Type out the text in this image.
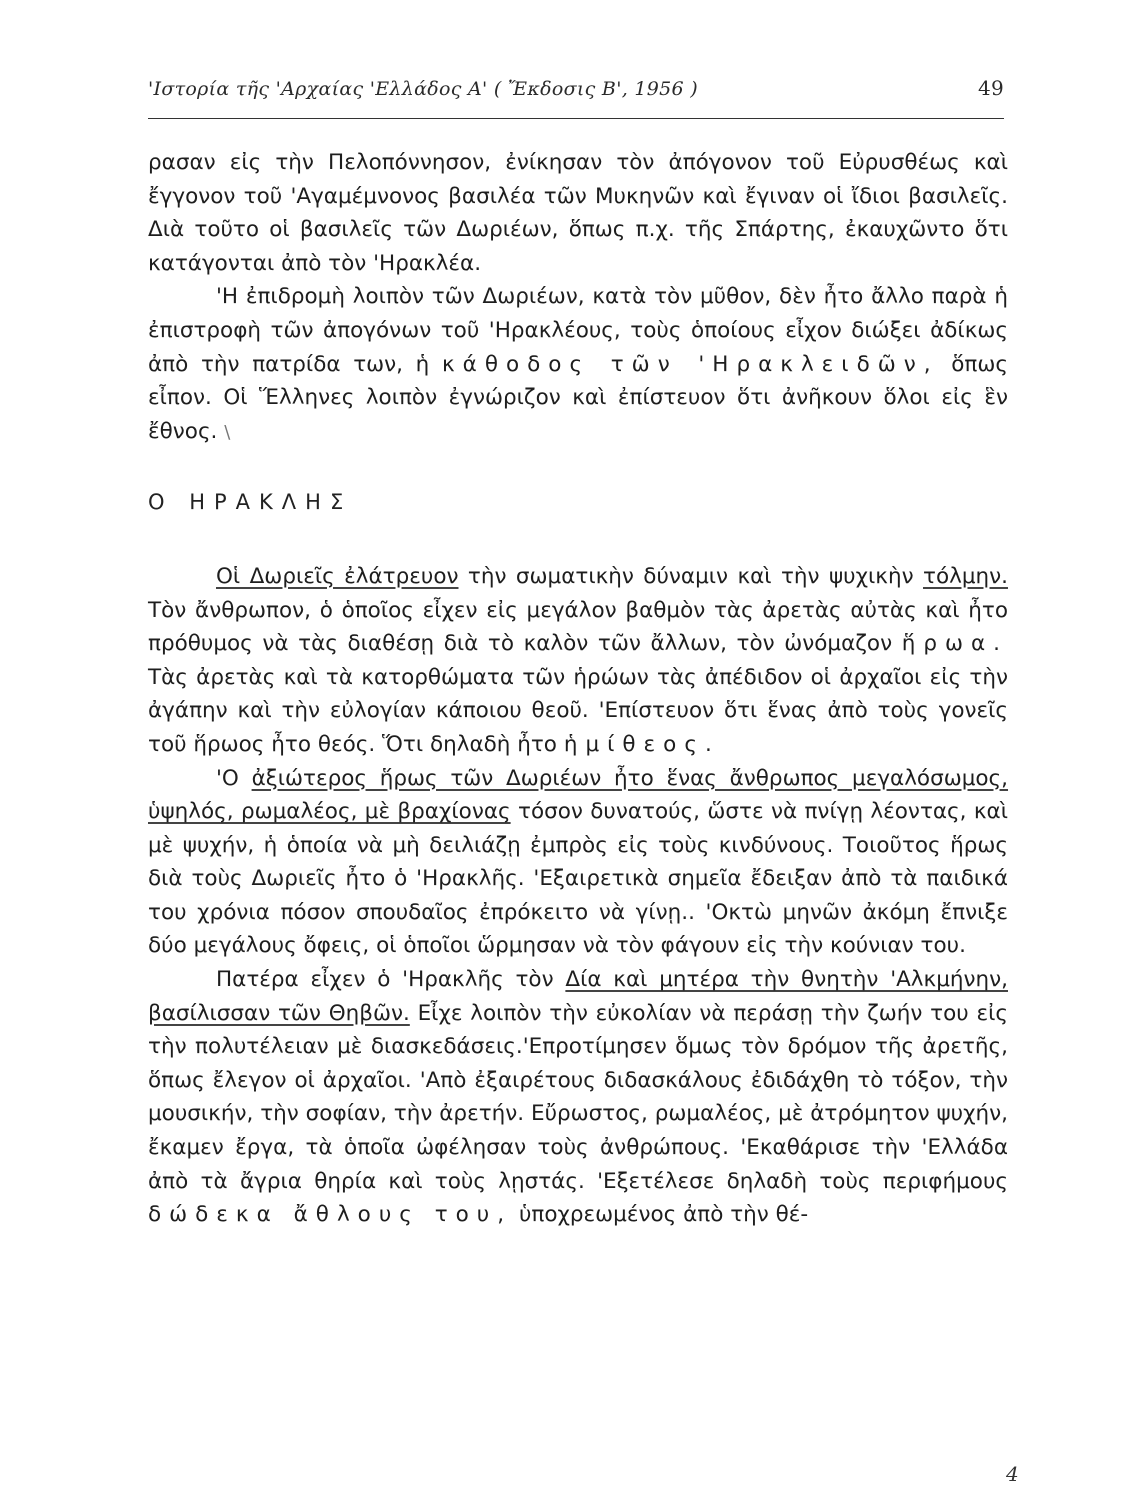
'Ιστορία τῆς 'Αρχαίας 'Ελλάδος Α' ( Ἔκδοσις Β', 1956 )	49

ρασαν εἰς τὴν Πελοπόννησον, ἐνίκησαν τὸν ἀπόγονον τοῦ Εὐρυσθέως καὶ ἔγγονον τοῦ 'Αγαμέμνονος βασιλέα τῶν Μυκηνῶν καὶ ἔγιναν οἱ ἴδιοι βασιλεῖς. Διὰ τοῦτο οἱ βασιλεῖς τῶν Δωριέων, ὅπως π.χ. τῆς Σπάρτης, ἐκαυχῶντο ὅτι κατάγονται ἀπὸ τὸν 'Ηρακλέα.

'Η ἐπιδρομὴ λοιπὸν τῶν Δωριέων, κατὰ τὸν μῦθον, δὲν ἦτο ἄλλο παρὰ ἡ ἐπιστροφὴ τῶν ἀπογόνων τοῦ 'Ηρακλέους, τοὺς ὁποίους εἶχον διώξει ἀδίκως ἀπὸ τὴν πατρίδα των, ἡ κάθοδος τῶν 'Ηρακλειδῶν, ὅπως εἶπον. Οἱ Ἕλληνες λοιπὸν ἐγνώριζον καὶ ἐπίστευον ὅτι ἀνῆκουν ὅλοι εἰς ἓν ἔθνος. \

Ο ΗΡΑΚΛΗΣ

Οἱ Δωριεῖς ἐλάτρευον τὴν σωματικὴν δύναμιν καὶ τὴν ψυχικὴν τόλμην. Τὸν ἄνθρωπον, ὁ ὁποῖος εἶχεν εἰς μεγάλον βαθμὸν τὰς ἀρετὰς αὐτὰς καὶ ἦτο πρόθυμος νὰ τὰς διαθέσῃ διὰ τὸ καλὸν τῶν ἄλλων, τὸν ὠνόμαζον ἥρωα. Τὰς ἀρετὰς καὶ τὰ κατορθώματα τῶν ἡρώων τὰς ἀπέδιδον οἱ ἀρχαῖοι εἰς τὴν ἀγάπην καὶ τὴν εὐλογίαν κάποιου θεοῦ. 'Επίστευον ὅτι ἕνας ἀπὸ τοὺς γονεῖς τοῦ ἥρωος ἦτο θεός. Ὅτι δηλαδὴ ἦτο ἡμίθεος.

'Ο ἀξιώτερος ἥρως τῶν Δωριέων ἦτο ἕνας ἄνθρωπος μεγαλόσωμος, ὑψηλός, ρωμαλέος, μὲ βραχίονας τόσον δυνατούς, ὥστε νὰ πνίγῃ λέοντας, καὶ μὲ ψυχήν, ἡ ὁποία νὰ μὴ δειλιάζῃ ἐμπρὸς εἰς τοὺς κινδύνους. Τοιοῦτος ἥρως διὰ τοὺς Δωριεῖς ἦτο ὁ 'Ηρακλῆς. 'Εξαιρετικὰ σημεῖα ἔδειξαν ἀπὸ τὰ παιδικά του χρόνια πόσον σπουδαῖος ἐπρόκειτο νὰ γίνῃ.. 'Οκτὼ μηνῶν ἀκόμη ἔπνιξε δύο μεγάλους ὄφεις, οἱ ὁποῖοι ὥρμησαν νὰ τὸν φάγουν εἰς τὴν κούνιαν του.

Πατέρα εἶχεν ὁ 'Ηρακλῆς τὸν Δία καὶ μητέρα τὴν θνητὴν 'Αλκμήνην, βασίλισσαν τῶν Θηβῶν. Εἶχε λοιπὸν τὴν εὐκολίαν νὰ περάσῃ τὴν ζωήν του εἰς τὴν πολυτέλειαν μὲ διασκεδάσεις.'Επροτίμησεν ὅμως τὸν δρόμον τῆς ἀρετῆς, ὅπως ἔλεγον οἱ ἀρχαῖοι. 'Απὸ ἐξαιρέτους διδασκάλους ἐδιδάχθη τὸ τόξον, τὴν μουσικήν, τὴν σοφίαν, τὴν ἀρετήν. Εὔρωστος, ρωμαλέος, μὲ ἀτρόμητον ψυχήν, ἔκαμεν ἔργα, τὰ ὁποῖα ὠφέλησαν τοὺς ἀνθρώπους. 'Εκαθάρισε τὴν 'Ελλάδα ἀπὸ τὰ ἄγρια θηρία καὶ τοὺς λῃστάς. 'Εξετέλεσε δηλαδὴ τοὺς περιφήμους δώδεκα ἄθλους του, ὑποχρεωμένος ἀπὸ τὴν θέ-

4
